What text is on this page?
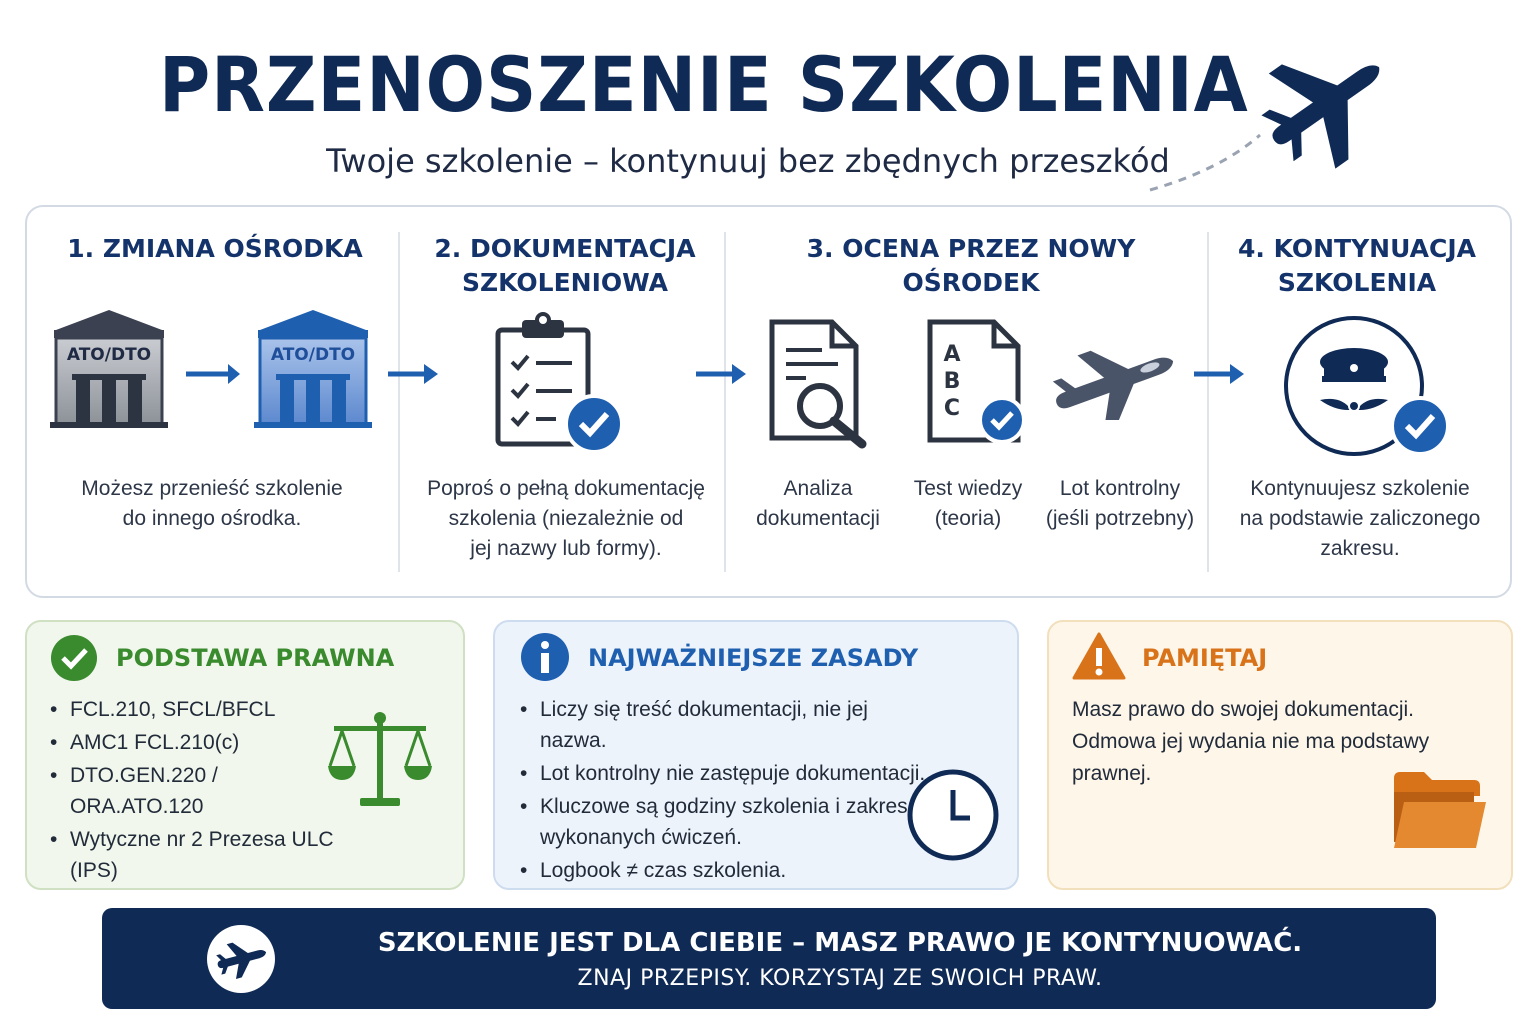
PRZENOSZENIE SZKOLENIA
Twoje szkolenie – kontynuuj bez zbędnych przeszkód
1. ZMIANA OŚRODKA
ATO/DTO	ATO/DTO
Możesz przenieść szkolenie
do innego ośrodka.
2. DOKUMENTACJA
SZKOLENIOWA
Poproś o pełną dokumentację
szkolenia (niezależnie od
jej nazwy lub formy).
3. OCENA PRZEZ NOWY OŚRODEK
A
B
C
Analiza
dokumentacji
Test wiedzy
(teoria)
Lot kontrolny
(jeśli potrzebny)
4. KONTYNUACJA
SZKOLENIA
Kontynuujesz szkolenie
na podstawie zaliczonego
zakresu.
PODSTAWA PRAWNA
• FCL.210, SFCL/BFCL
• AMC1 FCL.210(c)
• DTO.GEN.220 /
ORA.ATO.120
• Wytyczne nr 2 Prezesa ULC
(IPS)
NAJWAŻNIEJSZE ZASADY
• Liczy się treść dokumentacji, nie jej nazwa.
• Lot kontrolny nie zastępuje dokumentacji.
• Kluczowe są godziny szkolenia i zakres
wykonanych ćwiczeń.
• Logbook ≠ czas szkolenia.
PAMIĘTAJ
Masz prawo do swojej dokumentacji.
Odmowa jej wydania nie ma podstawy
prawnej.
SZKOLENIE JEST DLA CIEBIE – MASZ PRAWO JE KONTYNUOWAĆ.
ZNAJ PRZEPISY. KORZYSTAJ ZE SWOICH PRAW.
